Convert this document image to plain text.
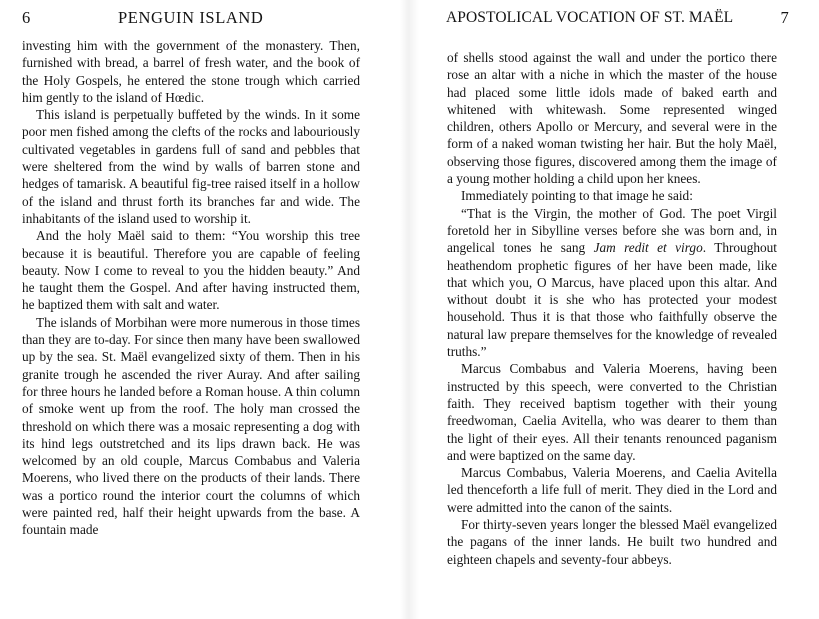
6	PENGUIN ISLAND

investing him with the government of the monastery. Then, furnished with bread, a barrel of fresh water, and the book of the Holy Gospels, he entered the stone trough which carried him gently to the island of Hœdic.

This island is perpetually buffeted by the winds. In it some poor men fished among the clefts of the rocks and labouriously cultivated vegetables in gardens full of sand and pebbles that were sheltered from the wind by walls of barren stone and hedges of tamarisk. A beautiful fig-tree raised itself in a hollow of the island and thrust forth its branches far and wide. The inhabitants of the island used to worship it.

And the holy Maël said to them: “You worship this tree because it is beautiful. Therefore you are capable of feeling beauty. Now I come to reveal to you the hidden beauty.” And he taught them the Gospel. And after having instructed them, he baptized them with salt and water.

The islands of Morbihan were more numerous in those times than they are to-day. For since then many have been swallowed up by the sea. St. Maël evangelized sixty of them. Then in his granite trough he ascended the river Auray. And after sailing for three hours he landed before a Roman house. A thin column of smoke went up from the roof. The holy man crossed the threshold on which there was a mosaic representing a dog with its hind legs outstretched and its lips drawn back. He was welcomed by an old couple, Marcus Combabus and Valeria Moerens, who lived there on the products of their lands. There was a portico round the interior court the columns of which were painted red, half their height upwards from the base. A fountain made

APOSTOLICAL VOCATION OF ST. MAËL	7

of shells stood against the wall and under the portico there rose an altar with a niche in which the master of the house had placed some little idols made of baked earth and whitened with whitewash. Some represented winged children, others Apollo or Mercury, and several were in the form of a naked woman twisting her hair. But the holy Maël, observing those figures, discovered among them the image of a young mother holding a child upon her knees.

Immediately pointing to that image he said:

“That is the Virgin, the mother of God. The poet Virgil foretold her in Sibylline verses before she was born and, in angelical tones he sang Jam redit et virgo. Throughout heathendom prophetic figures of her have been made, like that which you, O Marcus, have placed upon this altar. And without doubt it is she who has protected your modest household. Thus it is that those who faithfully observe the natural law prepare themselves for the knowledge of revealed truths.”

Marcus Combabus and Valeria Moerens, having been instructed by this speech, were converted to the Christian faith. They received baptism together with their young freedwoman, Caelia Avitella, who was dearer to them than the light of their eyes. All their tenants renounced paganism and were baptized on the same day.

Marcus Combabus, Valeria Moerens, and Caelia Avitella led thenceforth a life full of merit. They died in the Lord and were admitted into the canon of the saints.

For thirty-seven years longer the blessed Maël evangelized the pagans of the inner lands. He built two hundred and eighteen chapels and seventy-four abbeys.
